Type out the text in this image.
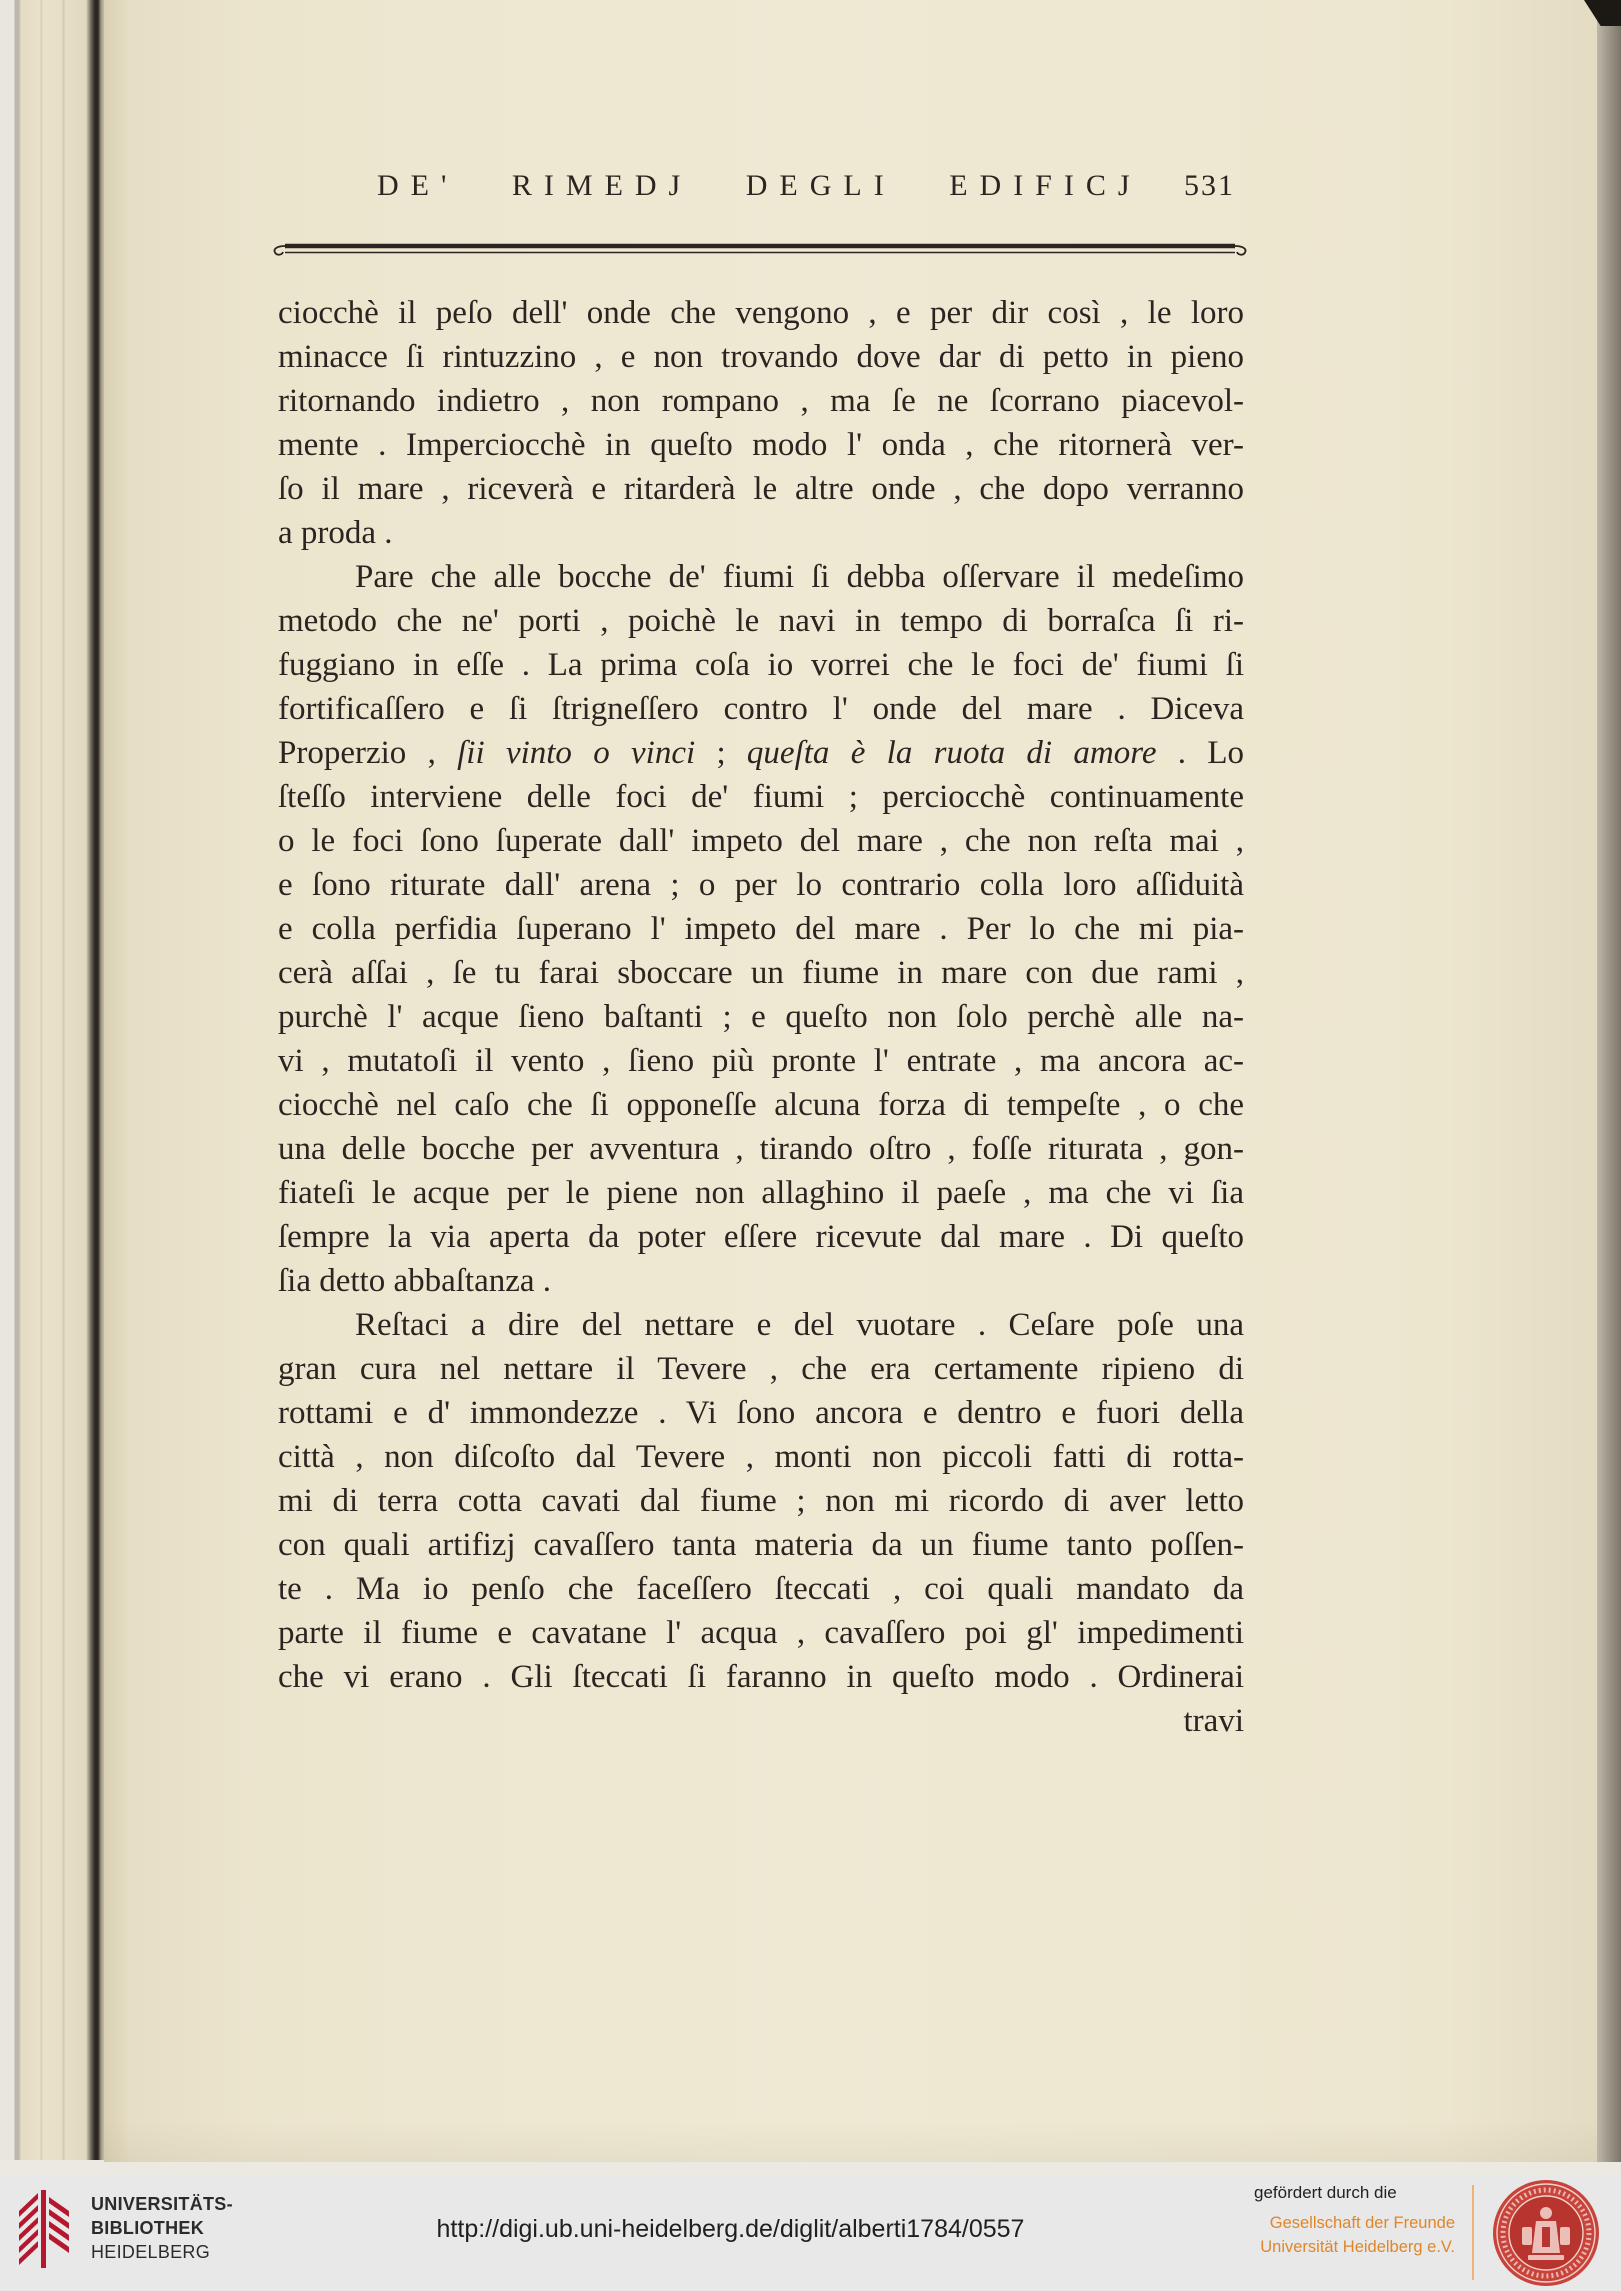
DE' RIMEDJ DEGLI EDIFICJ 531
ciocchè il peſo dell' onde che vengono , e per dir così , le loro
minacce ſi rintuzzino , e non trovando dove dar di petto in pieno
ritornando indietro , non rompano , ma ſe ne ſcorrano piacevol-
mente . Imperciocchè in queſto modo l' onda , che ritornerà ver-
ſo il mare , riceverà e ritarderà le altre onde , che dopo verranno
a proda .
Pare che alle bocche de' fiumi ſi debba oſſervare il medeſimo
metodo che ne' porti , poichè le navi in tempo di borraſca ſi ri-
fuggiano in eſſe . La prima coſa io vorrei che le foci de' fiumi ſi
fortificaſſero e ſi ſtrigneſſero contro l' onde del mare . Diceva
Properzio , ſii vinto o vinci ; queſta è la ruota di amore . Lo
ſteſſo interviene delle foci de' fiumi ; perciocchè continuamente
o le foci ſono ſuperate dall' impeto del mare , che non reſta mai ,
e ſono riturate dall' arena ; o per lo contrario colla loro aſſiduità
e colla perfidia ſuperano l' impeto del mare . Per lo che mi pia-
cerà aſſai , ſe tu farai sboccare un fiume in mare con due rami ,
purchè l' acque ſieno baſtanti ; e queſto non ſolo perchè alle na-
vi , mutatoſi il vento , ſieno più pronte l' entrate , ma ancora ac-
ciocchè nel caſo che ſi opponeſſe alcuna forza di tempeſte , o che
una delle bocche per avventura , tirando oſtro , foſſe riturata , gon-
fiateſi le acque per le piene non allaghino il paeſe , ma che vi ſia
ſempre la via aperta da poter eſſere ricevute dal mare . Di queſto
ſia detto abbaſtanza .
Reſtaci a dire del nettare e del vuotare . Ceſare poſe una
gran cura nel nettare il Tevere , che era certamente ripieno di
rottami e d' immondezze . Vi ſono ancora e dentro e fuori della
città , non diſcoſto dal Tevere , monti non piccoli fatti di rotta-
mi di terra cotta cavati dal fiume ; non mi ricordo di aver letto
con quali artifizj cavaſſero tanta materia da un fiume tanto poſſen-
te . Ma io penſo che faceſſero ſteccati , coi quali mandato da
parte il fiume e cavatane l' acqua , cavaſſero poi gl' impedimenti
che vi erano . Gli ſteccati ſi faranno in queſto modo . Ordinerai
travi
UNIVERSITÄTS-
BIBLIOTHEK
HEIDELBERG
http://digi.ub.uni-heidelberg.de/diglit/alberti1784/0557
gefördert durch die
Gesellschaft der Freunde
Universität Heidelberg e.V.
